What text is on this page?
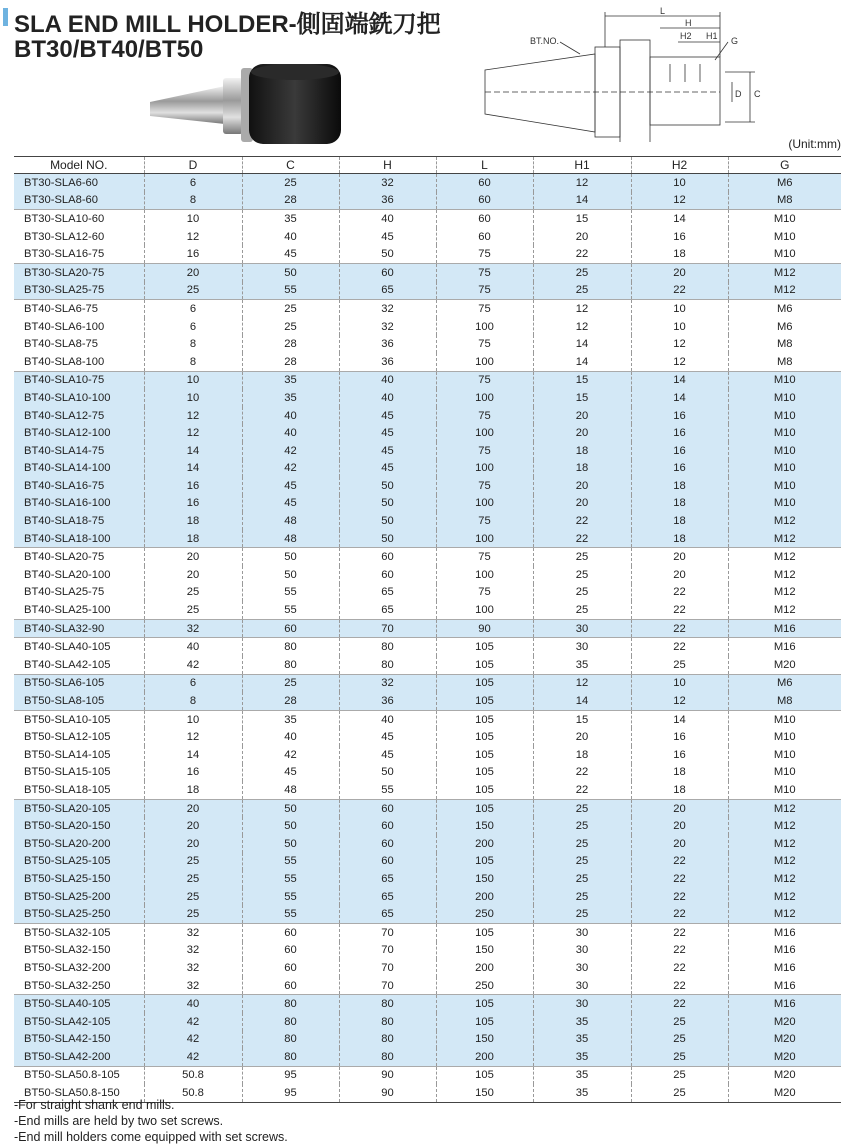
SLA END MILL HOLDER-側固端銑刀把
BT30/BT40/BT50
L
H
H2 H1 G
BT.NO.
D C
(Unit:mm)
Model NO.	D	C	H	L	H1	H2	G
BT30-SLA6-60	6	25	32	60	12	10	M6
BT30-SLA8-60	8	28	36	60	14	12	M8
BT30-SLA10-60	10	35	40	60	15	14	M10
BT30-SLA12-60	12	40	45	60	20	16	M10
BT30-SLA16-75	16	45	50	75	22	18	M10
BT30-SLA20-75	20	50	60	75	25	20	M12
BT30-SLA25-75	25	55	65	75	25	22	M12
BT40-SLA6-75	6	25	32	75	12	10	M6
BT40-SLA6-100	6	25	32	100	12	10	M6
BT40-SLA8-75	8	28	36	75	14	12	M8
BT40-SLA8-100	8	28	36	100	14	12	M8
BT40-SLA10-75	10	35	40	75	15	14	M10
BT40-SLA10-100	10	35	40	100	15	14	M10
BT40-SLA12-75	12	40	45	75	20	16	M10
BT40-SLA12-100	12	40	45	100	20	16	M10
BT40-SLA14-75	14	42	45	75	18	16	M10
BT40-SLA14-100	14	42	45	100	18	16	M10
BT40-SLA16-75	16	45	50	75	20	18	M10
BT40-SLA16-100	16	45	50	100	20	18	M10
BT40-SLA18-75	18	48	50	75	22	18	M12
BT40-SLA18-100	18	48	50	100	22	18	M12
BT40-SLA20-75	20	50	60	75	25	20	M12
BT40-SLA20-100	20	50	60	100	25	20	M12
BT40-SLA25-75	25	55	65	75	25	22	M12
BT40-SLA25-100	25	55	65	100	25	22	M12
BT40-SLA32-90	32	60	70	90	30	22	M16
BT40-SLA40-105	40	80	80	105	30	22	M16
BT40-SLA42-105	42	80	80	105	35	25	M20
BT50-SLA6-105	6	25	32	105	12	10	M6
BT50-SLA8-105	8	28	36	105	14	12	M8
BT50-SLA10-105	10	35	40	105	15	14	M10
BT50-SLA12-105	12	40	45	105	20	16	M10
BT50-SLA14-105	14	42	45	105	18	16	M10
BT50-SLA15-105	16	45	50	105	22	18	M10
BT50-SLA18-105	18	48	55	105	22	18	M10
BT50-SLA20-105	20	50	60	105	25	20	M12
BT50-SLA20-150	20	50	60	150	25	20	M12
BT50-SLA20-200	20	50	60	200	25	20	M12
BT50-SLA25-105	25	55	60	105	25	22	M12
BT50-SLA25-150	25	55	65	150	25	22	M12
BT50-SLA25-200	25	55	65	200	25	22	M12
BT50-SLA25-250	25	55	65	250	25	22	M12
BT50-SLA32-105	32	60	70	105	30	22	M16
BT50-SLA32-150	32	60	70	150	30	22	M16
BT50-SLA32-200	32	60	70	200	30	22	M16
BT50-SLA32-250	32	60	70	250	30	22	M16
BT50-SLA40-105	40	80	80	105	30	22	M16
BT50-SLA42-105	42	80	80	105	35	25	M20
BT50-SLA42-150	42	80	80	150	35	25	M20
BT50-SLA42-200	42	80	80	200	35	25	M20
BT50-SLA50.8-105	50.8	95	90	105	35	25	M20
BT50-SLA50.8-150	50.8	95	90	150	35	25	M20
-For straight shank end mills.
-End mills are held by two set screws.
-End mill holders come equipped with set screws.
